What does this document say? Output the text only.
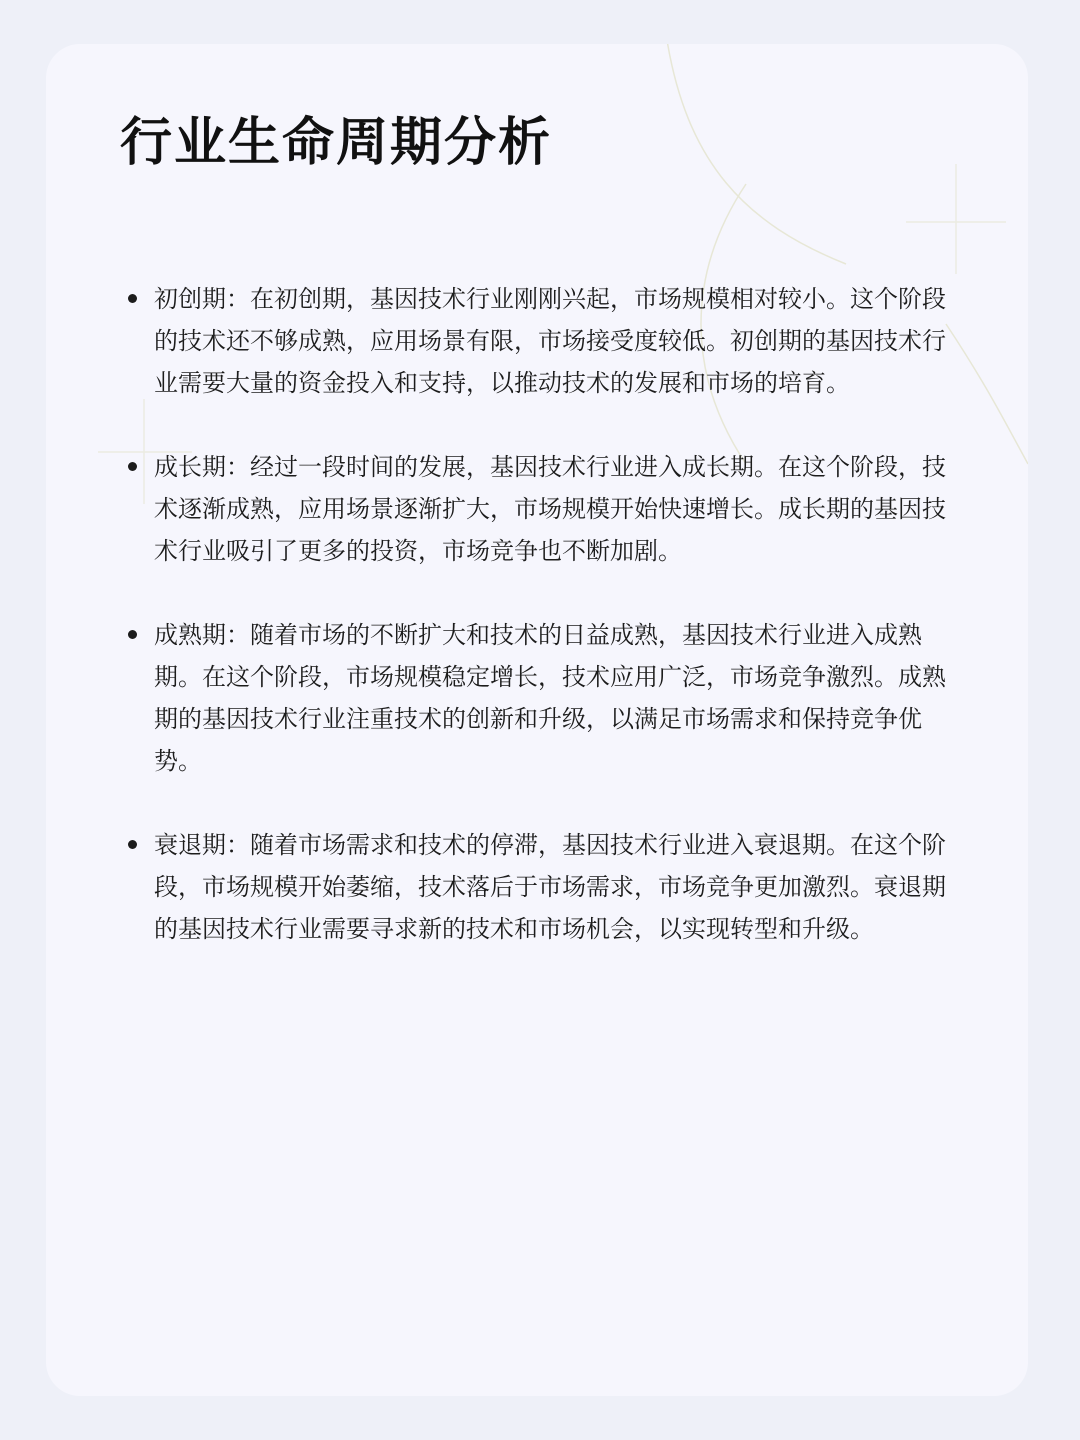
行业生命周期分析
初创期：在初创期，基因技术行业刚刚兴起，市场规模相对较小。这个阶段的技术还不够成熟，应用场景有限，市场接受度较低。初创期的基因技术行业需要大量的资金投入和支持，以推动技术的发展和市场的培育。
成长期：经过一段时间的发展，基因技术行业进入成长期。在这个阶段，技术逐渐成熟，应用场景逐渐扩大，市场规模开始快速增长。成长期的基因技术行业吸引了更多的投资，市场竞争也不断加剧。
成熟期：随着市场的不断扩大和技术的日益成熟，基因技术行业进入成熟期。在这个阶段，市场规模稳定增长，技术应用广泛，市场竞争激烈。成熟期的基因技术行业注重技术的创新和升级，以满足市场需求和保持竞争优势。
衰退期：随着市场需求和技术的停滞，基因技术行业进入衰退期。在这个阶段，市场规模开始萎缩，技术落后于市场需求，市场竞争更加激烈。衰退期的基因技术行业需要寻求新的技术和市场机会，以实现转型和升级。
